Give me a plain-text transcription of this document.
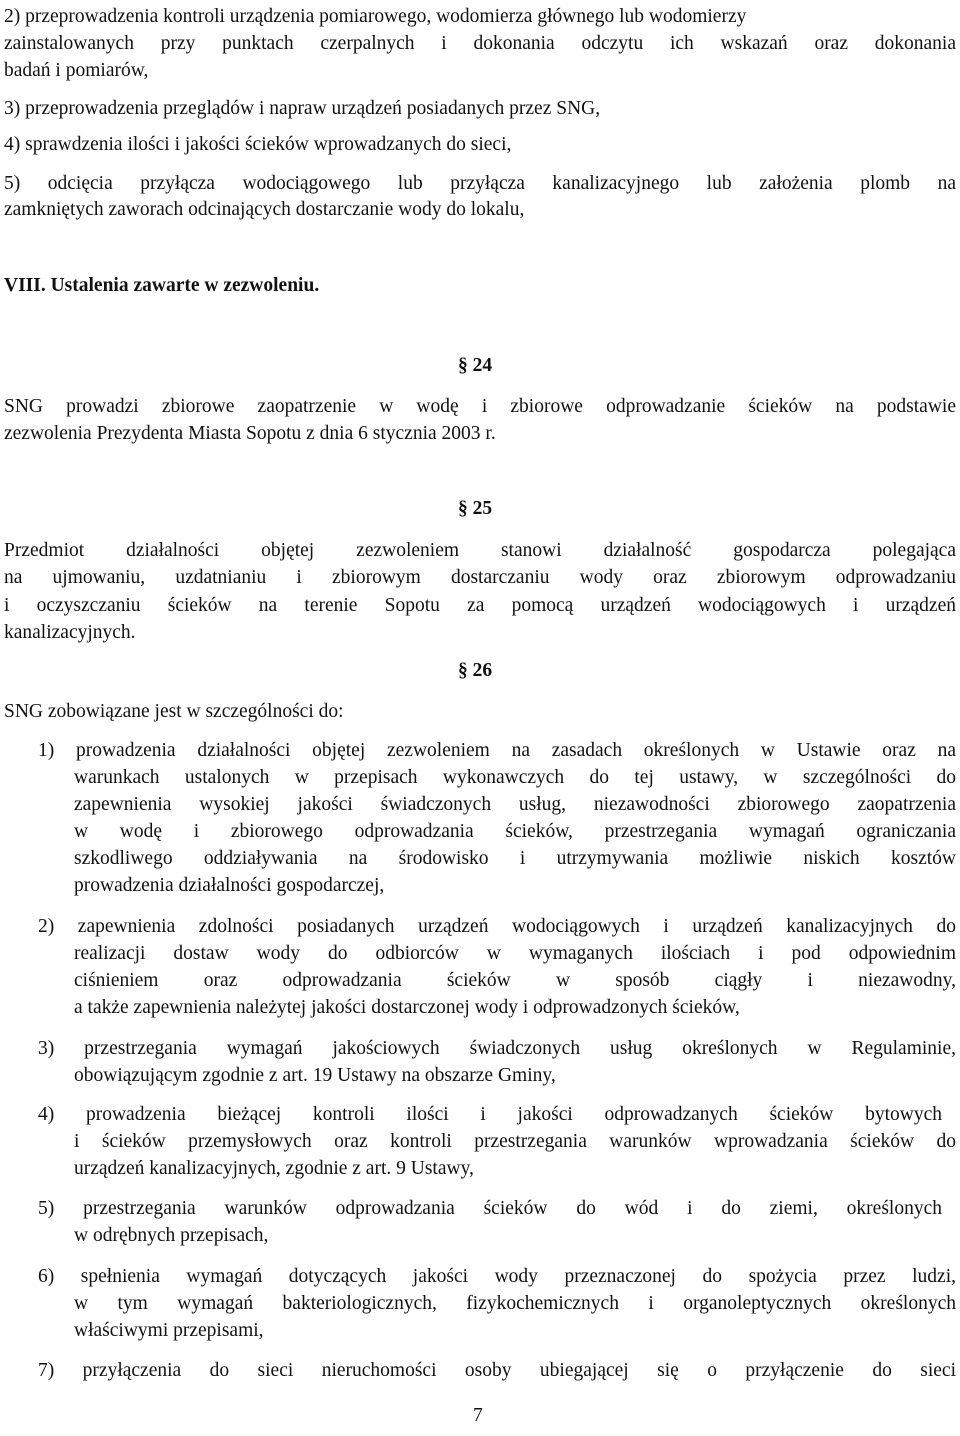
2) przeprowadzenia kontroli urządzenia pomiarowego, wodomierza głównego lub wodomierzy
zainstalowanych przy punktach czerpalnych i dokonania odczytu ich wskazań oraz dokonania
badań i pomiarów,
3) przeprowadzenia przeglądów i napraw urządzeń posiadanych przez SNG,
4) sprawdzenia ilości i jakości ścieków wprowadzanych do sieci,
5) odcięcia przyłącza wodociągowego lub przyłącza kanalizacyjnego lub założenia plomb na
zamkniętych zaworach odcinających dostarczanie wody do lokalu,
VIII. Ustalenia zawarte w zezwoleniu.
§ 24
SNG prowadzi zbiorowe zaopatrzenie w wodę i zbiorowe odprowadzanie ścieków na podstawie
zezwolenia Prezydenta Miasta Sopotu z dnia 6 stycznia 2003 r.
§ 25
Przedmiot działalności objętej zezwoleniem stanowi działalność gospodarcza polegająca
na ujmowaniu, uzdatnianiu i zbiorowym dostarczaniu wody oraz zbiorowym odprowadzaniu
i oczyszczaniu ścieków na terenie Sopotu za pomocą urządzeń wodociągowych i urządzeń
kanalizacyjnych.
§ 26
SNG zobowiązane jest w szczególności do:
1) prowadzenia działalności objętej zezwoleniem na zasadach określonych w Ustawie oraz na
warunkach ustalonych w przepisach wykonawczych do tej ustawy, w szczególności do
zapewnienia wysokiej jakości świadczonych usług, niezawodności zbiorowego zaopatrzenia
w wodę i zbiorowego odprowadzania ścieków, przestrzegania wymagań ograniczania
szkodliwego oddziaływania na środowisko i utrzymywania możliwie niskich kosztów
prowadzenia działalności gospodarczej,
2) zapewnienia zdolności posiadanych urządzeń wodociągowych i urządzeń kanalizacyjnych do
realizacji dostaw wody do odbiorców w wymaganych ilościach i pod odpowiednim
ciśnieniem oraz odprowadzania ścieków w sposób ciągły i niezawodny,
a także zapewnienia należytej jakości dostarczonej wody i odprowadzonych ścieków,
3) przestrzegania wymagań jakościowych świadczonych usług określonych w Regulaminie,
obowiązującym zgodnie z art. 19 Ustawy na obszarze Gminy,
4) prowadzenia bieżącej kontroli ilości i jakości odprowadzanych ścieków bytowych
i ścieków przemysłowych oraz kontroli przestrzegania warunków wprowadzania ścieków do
urządzeń kanalizacyjnych, zgodnie z art. 9 Ustawy,
5) przestrzegania warunków odprowadzania ścieków do wód i do ziemi, określonych
w odrębnych przepisach,
6) spełnienia wymagań dotyczących jakości wody przeznaczonej do spożycia przez ludzi,
w tym wymagań bakteriologicznych, fizykochemicznych i organoleptycznych określonych
właściwymi przepisami,
7) przyłączenia do sieci nieruchomości osoby ubiegającej się o przyłączenie do sieci
7
